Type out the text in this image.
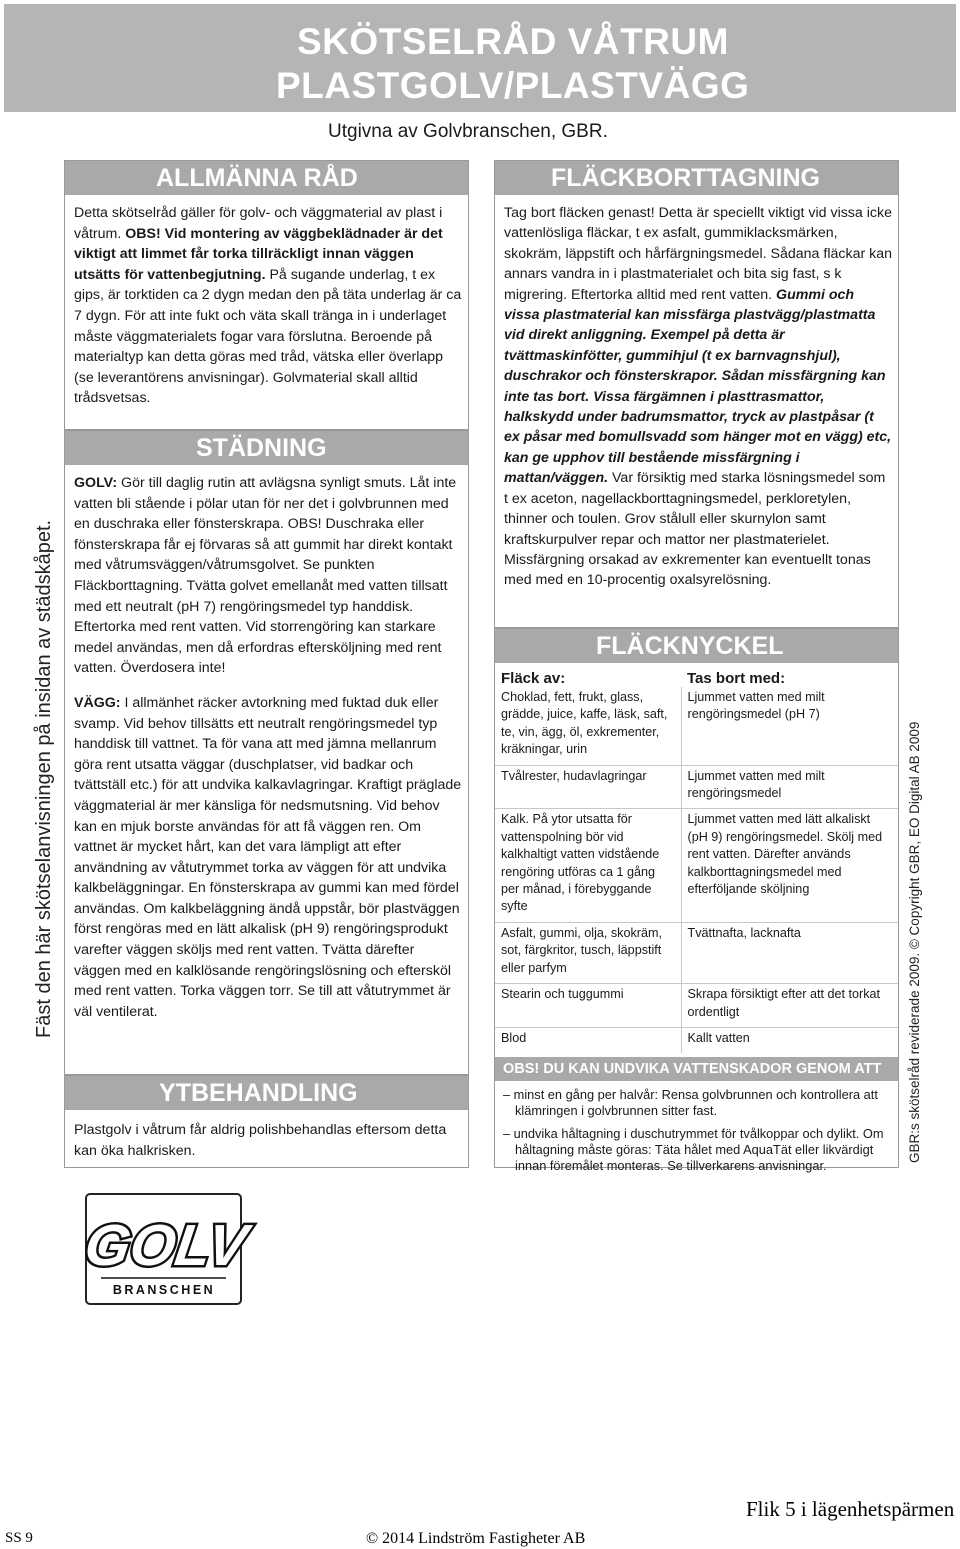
SKÖTSELRÅD VÅTRUM
PLASTGOLV/PLASTVÄGG
Utgivna av Golvbranschen, GBR.
Fäst den här skötselanvisningen på insidan av städskåpet.
ALLMÄNNA RÅD
Detta skötselråd gäller för golv- och väggmaterial av plast i våtrum. OBS! Vid montering av väggbeklädnader är det viktigt att limmet får torka tillräckligt innan väggen utsätts för vattenbegjutning. På sugande underlag, t ex gips, är torktiden ca 2 dygn medan den på täta underlag är ca 7 dygn. För att inte fukt och väta skall tränga in i underlaget måste väggmaterialets fogar vara förslutna. Beroende på materialtyp kan detta göras med tråd, vätska eller överlapp (se leverantörens anvisningar). Golvmaterial skall alltid trådsvetsas.
STÄDNING
GOLV: Gör till daglig rutin att avlägsna synligt smuts. Låt inte vatten bli stående i pölar utan för ner det i golvbrunnen med en duschraka eller fönsterskrapa. OBS! Duschraka eller fönsterskrapa får ej förvaras så att gummit har direkt kontakt med våtrumsväggen/våtrumsgolvet. Se punkten Fläckborttagning. Tvätta golvet emellanåt med vatten tillsatt med ett neutralt (pH 7) rengöringsmedel typ handdisk. Eftertorka med rent vatten. Vid storrengöring kan starkare medel användas, men då erfordras eftersköljning med rent vatten. Överdosera inte!
VÄGG: I allmänhet räcker avtorkning med fuktad duk eller svamp. Vid behov tillsätts ett neutralt rengöringsmedel typ handdisk till vattnet. Ta för vana att med jämna mellanrum göra rent utsatta väggar (duschplatser, vid badkar och tvättställ etc.) för att undvika kalkavlagringar. Kraftigt präglade väggmaterial är mer känsliga för nedsmutsning. Vid behov kan en mjuk borste användas för att få väggen ren. Om vattnet är mycket hårt, kan det vara lämpligt att efter användning av våtutrymmet torka av väggen för att undvika kalkbeläggningar. En fönsterskrapa av gummi kan med fördel användas. Om kalkbeläggning ändå uppstår, bör plastväggen först rengöras med en lätt alkalisk (pH 9) rengöringsprodukt varefter väggen sköljs med rent vatten. Tvätta därefter väggen med en kalklösande rengöringslösning och eftersköl med rent vatten. Torka väggen torr. Se till att våtutrymmet är väl ventilerat.
YTBEHANDLING
Plastgolv i våtrum får aldrig polishbehandlas eftersom detta kan öka halkrisken.
FLÄCKBORTTAGNING
Tag bort fläcken genast! Detta är speciellt viktigt vid vissa icke vattenlösliga fläckar, t ex asfalt, gummiklacksmärken, skokräm, läppstift och hårfärgningsmedel. Sådana fläckar kan annars vandra in i plastmaterialet och bita sig fast, s k migrering. Eftertorka alltid med rent vatten. Gummi och vissa plastmaterial kan missfärga plastvägg/plastmatta vid direkt anliggning. Exempel på detta är tvättmaskinfötter, gummihjul (t ex barnvagnshjul), duschrakor och fönsterskrapor. Sådan missfärgning kan inte tas bort. Vissa färgämnen i plasttrasmattor, halkskydd under badrumsmattor, tryck av plastpåsar (t ex påsar med bomullsvadd som hänger mot en vägg) etc, kan ge upphov till bestående missfärgning i mattan/väggen. Var försiktig med starka lösningsmedel som t ex aceton, nagellackborttagningsmedel, perkloretylen, thinner och toulen. Grov stålull eller skurnylon samt kraftskurpulver repar och mattor ner plastmaterielet. Missfärgning orsakad av exkrementer kan eventuellt tonas med med en 10-procentig oxalsyrelösning.
FLÄCKNYCKEL
Fläck av:	Tas bort med:
Choklad, fett, frukt, glass, grädde, juice, kaffe, läsk, saft, te, vin, ägg, öl, exkrementer, kräkningar, urin	Ljummet vatten med milt rengöringsmedel (pH 7)
Tvålrester, hudavlagringar	Ljummet vatten med milt rengöringsmedel
Kalk. På ytor utsatta för vattenspolning bör vid kalkhaltigt vatten vidstående rengöring utföras ca 1 gång per månad, i förebyggande syfte	Ljummet vatten med lätt alkaliskt (pH 9) rengöringsmedel. Skölj med rent vatten. Därefter används kalkborttagningsmedel med efterföljande sköljning
Asfalt, gummi, olja, skokräm, sot, färgkritor, tusch, läppstift eller parfym	Tvättnafta, lacknafta
Stearin och tuggummi	Skrapa försiktigt efter att det torkat ordentligt
Blod	Kallt vatten
OBS! DU KAN UNDVIKA VATTENSKADOR GENOM ATT
– minst en gång per halvår: Rensa golvbrunnen och kontrollera att klämringen i golvbrunnen sitter fast.
– undvika håltagning i duschutrymmet för tvålkoppar och dylikt. Om håltagning måste göras: Täta hålet med AquaTät eller likvärdigt innan föremålet monteras. Se tillverkarens anvisningar.
GBR:s skötselråd reviderade 2009. © Copyright GBR, EO Digital AB 2009
GOLV
BRANSCHEN
SS 9	© 2014 Lindström Fastigheter AB
Flik 5 i lägenhetspärmen
